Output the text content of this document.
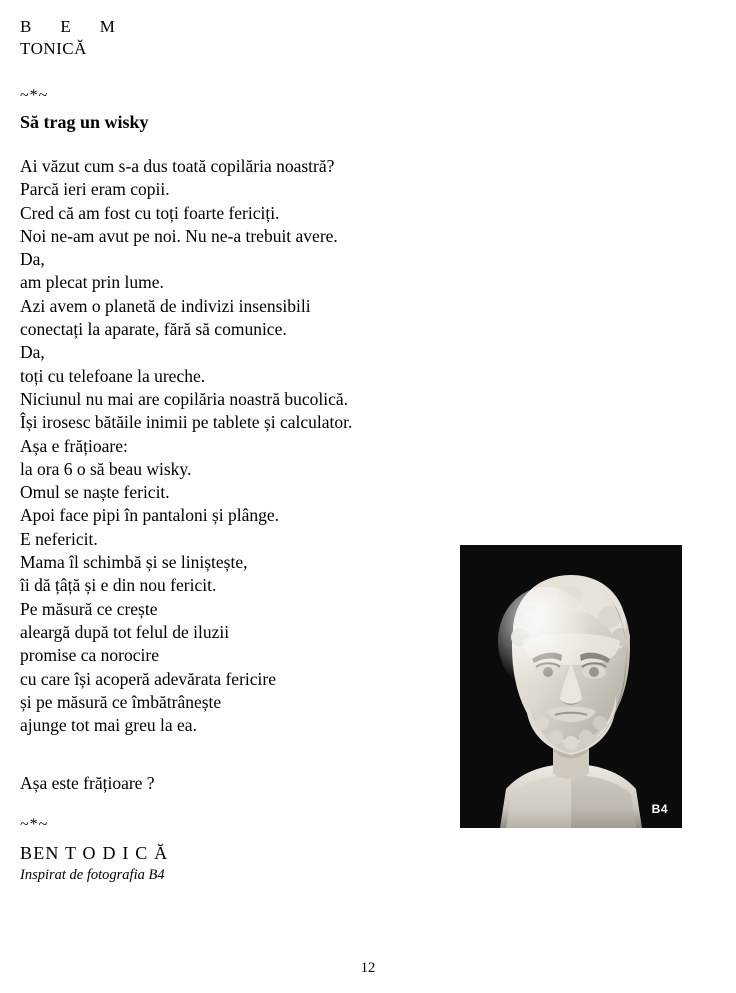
B      E      M
TONICĂ
~*~
Să trag un wisky
Ai văzut cum s-a dus toată copilăria noastră?
Parcă ieri eram copii.
Cred că am fost cu toți foarte fericiți.
Noi ne-am avut pe noi. Nu ne-a trebuit avere.
Da,
am plecat prin lume.
Azi avem o planetă de indivizi insensibili
conectați la aparate, fără să comunice.
Da,
toți cu telefoane la ureche.
Niciunul nu mai are copilăria noastră bucolică.
Își irosesc bătăile inimii pe tablete și calculator.
Așa e frățioare:
la ora 6 o să beau wisky.
Omul se naște fericit.
Apoi face pipi în pantaloni și plânge.
E nefericit.
Mama îl schimbă și se liniștește,
îi dă țâță și e din nou fericit.
Pe măsură ce crește
aleargă după tot felul de iluzii
promise ca norocire
cu care își acoperă adevărata fericire
și pe măsură ce îmbătrânește
ajunge tot mai greu la ea.
Așa este frățioare ?
~*~
BEN T O D I C Ă
Inspirat de fotografia B4
B4
12
